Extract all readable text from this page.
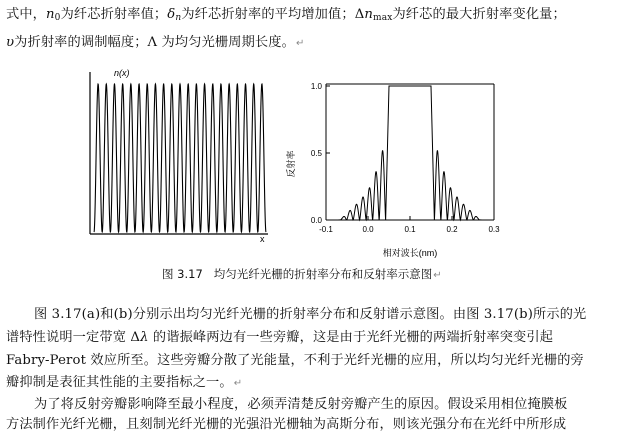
式中，$n_0$为纤芯折射率值；$\delta_n$为纤芯折射率的平均增加值；$\Delta n_{max}$为纤芯的最大折射率变化量；
υ为折射率的调制幅度；Λ 为均匀光栅周期长度。↵
n(x)
x
反射率
相对波长(nm)
-0.1	0.0	0.1	0.2	0.3
0.0
0.5
1.0
图 3.17 均匀光纤光栅的折射率分布和反射率示意图↵
图 3.17(a)和(b)分别示出均匀光纤光栅的折射率分布和反射谱示意图。由图 3.17(b)所示的光
谱特性说明一定带宽 Δλ 的谐振峰两边有一些旁瓣，这是由于光纤光栅的两端折射率突变引起
Fabry-Perot 效应所至。这些旁瓣分散了光能量，不利于光纤光栅的应用，所以均匀光纤光栅的旁
瓣抑制是表征其性能的主要指标之一。↵
为了将反射旁瓣影响降至最小程度，必须弄清楚反射旁瓣产生的原因。假设采用相位掩膜板
方法制作光纤光栅，且刻制光纤光栅的光强沿光栅轴为高斯分布，则该光强分布在光纤中所形成
